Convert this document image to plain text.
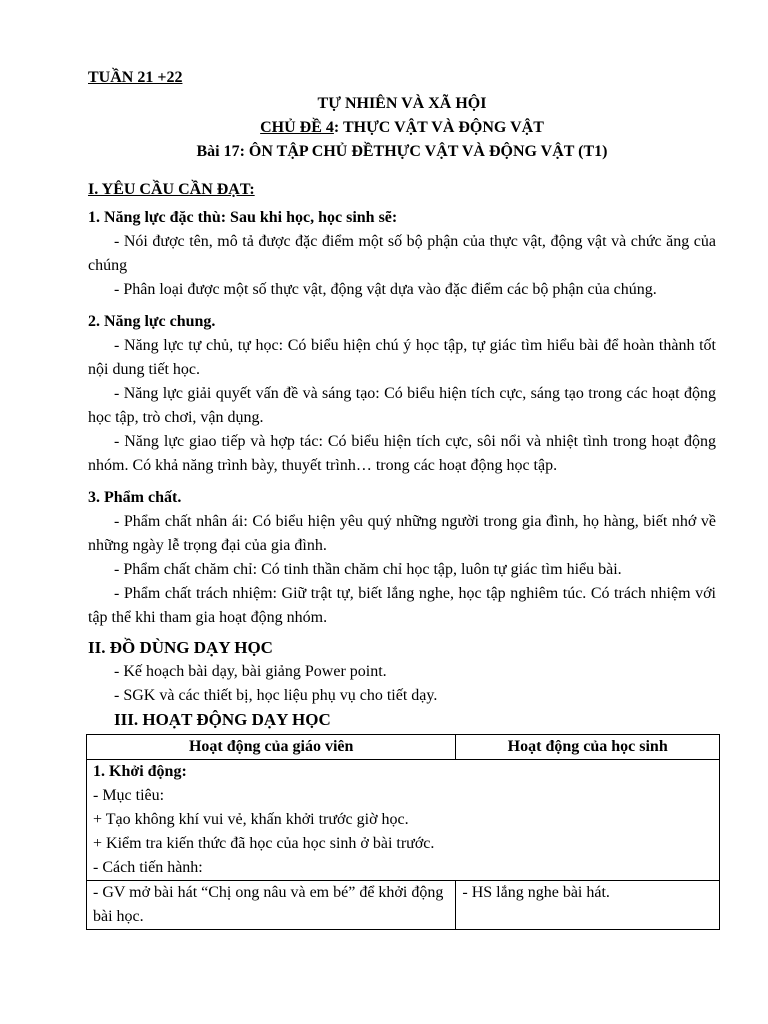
TUẦN 21 +22
TỰ NHIÊN VÀ XÃ HỘI
CHỦ ĐỀ 4: THỰC VẬT VÀ ĐỘNG VẬT
Bài 17: ÔN TẬP CHỦ ĐỀTHỰC VẬT VÀ ĐỘNG VẬT (T1)
I. YÊU CẦU CẦN ĐẠT:
1. Năng lực đặc thù: Sau khi học, học sinh sẽ:
- Nói được tên, mô tả được đặc điểm một số bộ phận của thực vật, động vật và chức ăng của chúng
- Phân loại được một số thực vật, động vật dựa vào đặc điểm các bộ phận của chúng.
2. Năng lực chung.
- Năng lực tự chủ, tự học: Có biểu hiện chú ý học tập, tự giác tìm hiểu bài để hoàn thành tốt nội dung tiết học.
- Năng lực giải quyết vấn đề và sáng tạo: Có biểu hiện tích cực, sáng tạo trong các hoạt động học tập, trò chơi, vận dụng.
- Năng lực giao tiếp và hợp tác: Có biểu hiện tích cực, sôi nổi và nhiệt tình trong hoạt động nhóm. Có khả năng trình bày, thuyết trình… trong các hoạt động học tập.
3. Phẩm chất.
- Phẩm chất nhân ái: Có biểu hiện yêu quý những người trong gia đình, họ hàng, biết nhớ về những ngày lễ trọng đại của gia đình.
- Phẩm chất chăm chỉ: Có tinh thần chăm chỉ học tập, luôn tự giác tìm hiểu bài.
- Phẩm chất trách nhiệm: Giữ trật tự, biết lắng nghe, học tập nghiêm túc. Có trách nhiệm với tập thể khi tham gia hoạt động nhóm.
II. ĐỒ DÙNG DẠY HỌC
- Kế hoạch bài dạy, bài giảng Power point.
- SGK và các thiết bị, học liệu phụ vụ cho tiết dạy.
III. HOẠT ĐỘNG DẠY HỌC
Hoạt động của giáo viên	Hoạt động của học sinh

1. Khởi động:
- Mục tiêu:
+ Tạo không khí vui vẻ, khấn khởi trước giờ học.
+ Kiểm tra kiến thức đã học của học sinh ở bài trước.
- Cách tiến hành:	

- GV mở bài hát “Chị ong nâu và em bé” để khởi động bài học.	- HS lắng nghe bài hát.
